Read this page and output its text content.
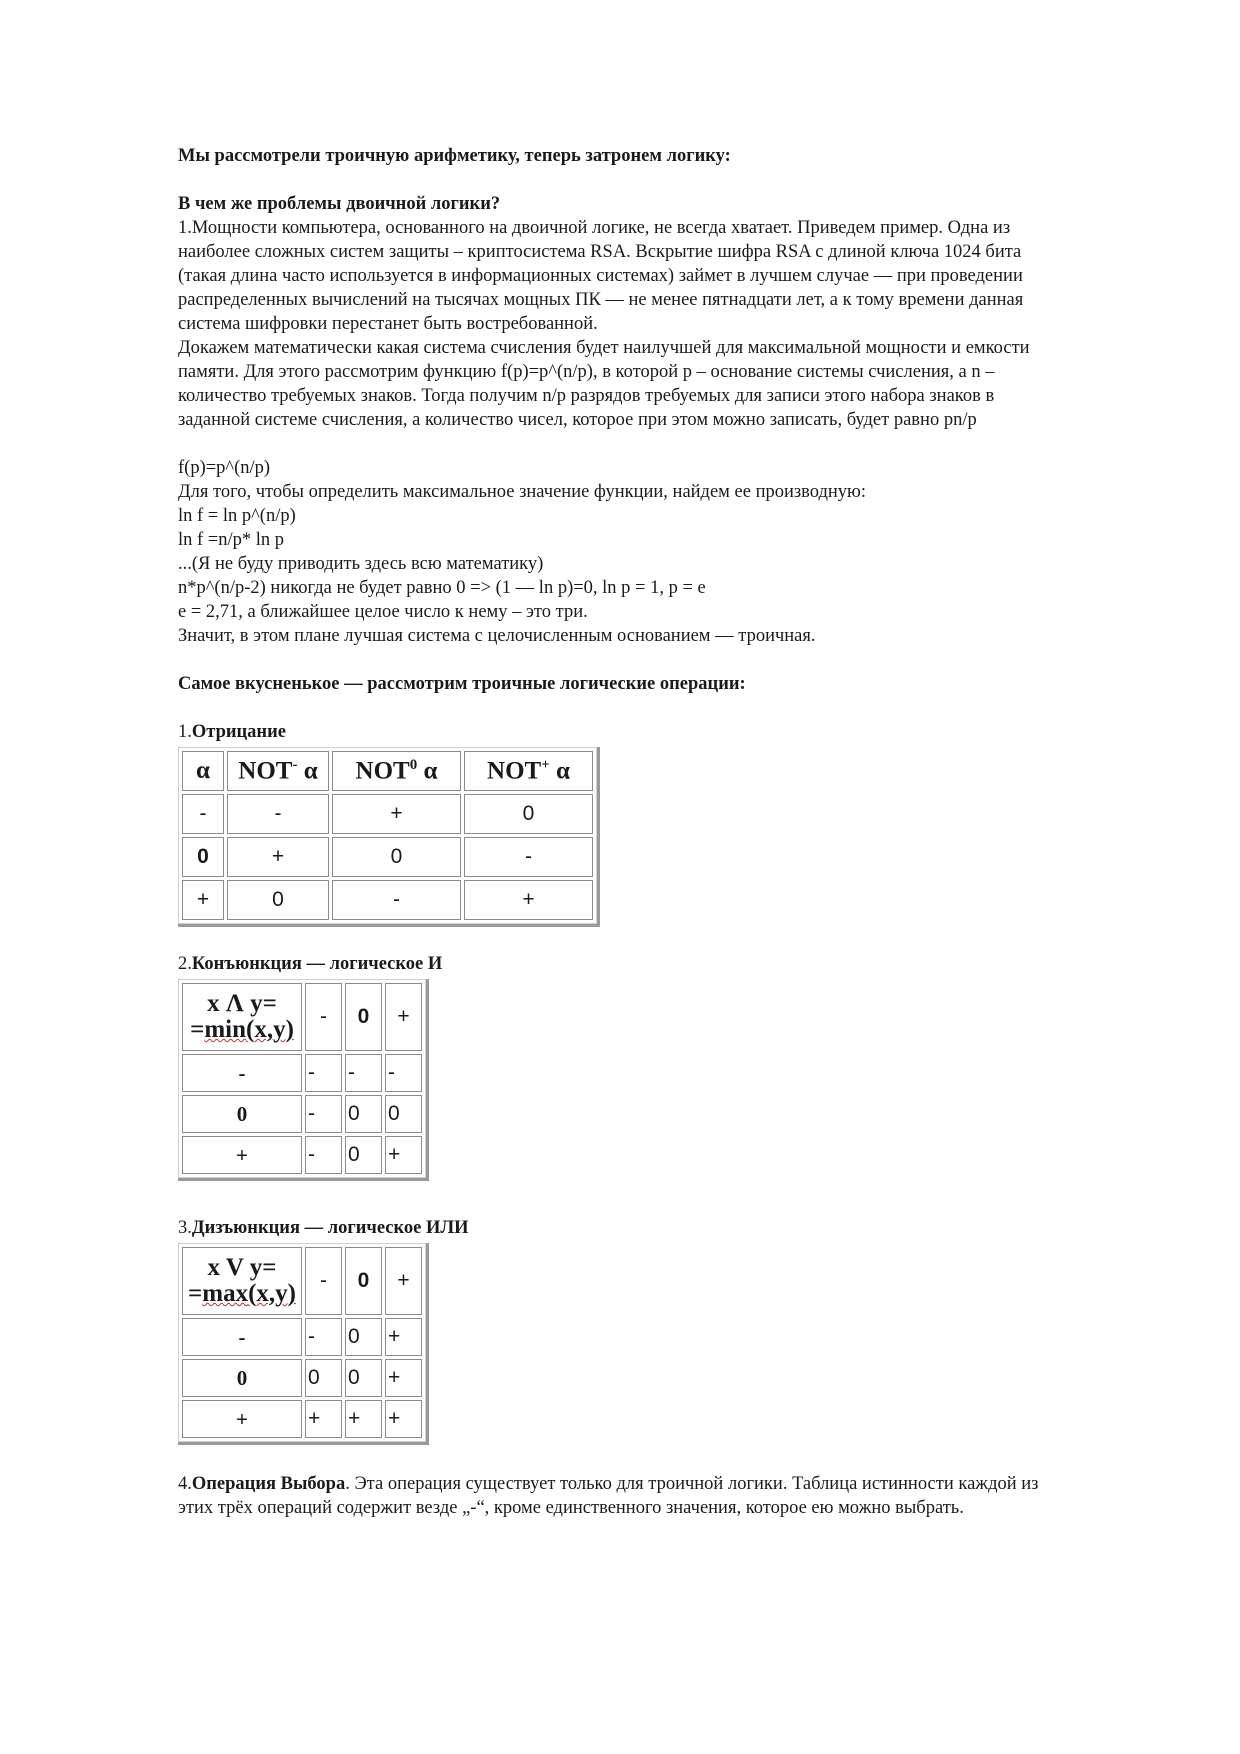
Мы рассмотрели троичную арифметику, теперь затронем логику:

В чем же проблемы двоичной логики?

1.Мощности компьютера, основанного на двоичной логике, не всегда хватает. Приведем пример. Одна из

наиболее сложных систем защиты – криптосистема RSA. Вскрытие шифра RSA с длиной ключа 1024 бита

(такая длина часто используется в информационных системах) займет в лучшем случае — при проведении

распределенных вычислений на тысячах мощных ПК — не менее пятнадцати лет, а к тому времени данная

система шифровки перестанет быть востребованной.

Докажем математически какая система счисления будет наилучшей для максимальной мощности и емкости

памяти. Для этого рассмотрим функцию f(p)=p^(n/p), в которой p – основание системы счисления, а n –

количество требуемых знаков. Тогда получим n/p разрядов требуемых для записи этого набора знаков в

заданной системе счисления, а количество чисел, которое при этом можно записать, будет равно pn/p

f(p)=p^(n/p)

Для того, чтобы определить максимальное значение функции, найдем ее производную:

ln f = ln p^(n/p)

ln f =n/p* ln p

...(Я не буду приводить здесь всю математику)

n*p^(n/p-2) никогда не будет равно 0 => (1 — ln p)=0, ln p = 1, p = e

e = 2,71, а ближайшее целое число к нему – это три.

Значит, в этом плане лучшая система с целочисленным основанием — троичная.

Самое вкусненькое — рассмотрим троичные логические операции:

1.Отрицание

α	NOT- α	NOT$^0$ α	NOT+ α
-	-	+	0
0	+	0	-
+	0	-	+

2.Конъюнкция — логическое И

x Λ y=
=min(x,y)	-	0	+
-	-	-	-
0	-	0	0
+	-	0	+

3.Дизъюнкция — логическое ИЛИ

x V y=
=max(x,y)	-	0	+
-	-	0	+
0	0	0	+
+	+	+	+

4.Операция Выбора. Эта операция существует только для троичной логики. Таблица истинности каждой из

этих трёх операций содержит везде „-“, кроме единственного значения, которое ею можно выбрать.
